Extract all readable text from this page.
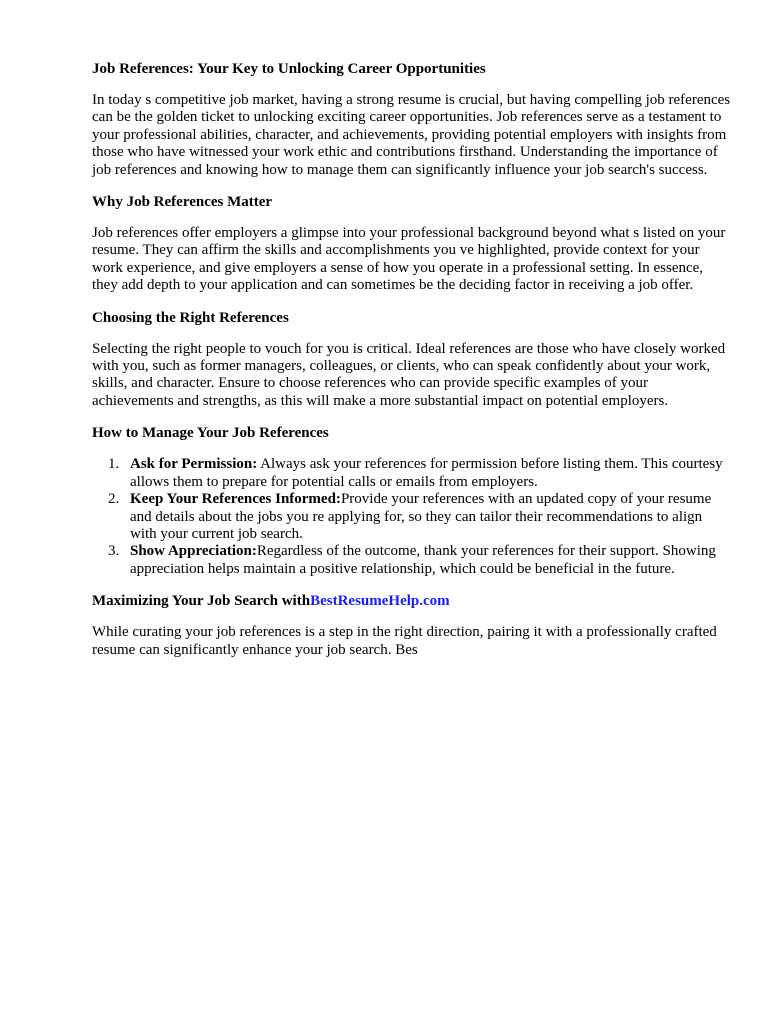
Job References: Your Key to Unlocking Career Opportunities
In today s competitive job market, having a strong resume is crucial, but having compelling job references can be the golden ticket to unlocking exciting career opportunities. Job references serve as a testament to your professional abilities, character, and achievements, providing potential employers with insights from those who have witnessed your work ethic and contributions firsthand. Understanding the importance of job references and knowing how to manage them can significantly influence your job search's success.
Why Job References Matter
Job references offer employers a glimpse into your professional background beyond what s listed on your resume. They can affirm the skills and accomplishments you ve highlighted, provide context for your work experience, and give employers a sense of how you operate in a professional setting. In essence, they add depth to your application and can sometimes be the deciding factor in receiving a job offer.
Choosing the Right References
Selecting the right people to vouch for you is critical. Ideal references are those who have closely worked with you, such as former managers, colleagues, or clients, who can speak confidently about your work, skills, and character. Ensure to choose references who can provide specific examples of your achievements and strengths, as this will make a more substantial impact on potential employers.
How to Manage Your Job References
1. Ask for Permission: Always ask your references for permission before listing them. This courtesy allows them to prepare for potential calls or emails from employers.
2. Keep Your References Informed:Provide your references with an updated copy of your resume and details about the jobs you re applying for, so they can tailor their recommendations to align with your current job search.
3. Show Appreciation:Regardless of the outcome, thank your references for their support. Showing appreciation helps maintain a positive relationship, which could be beneficial in the future.
Maximizing Your Job Search withBestResumeHelp.com
While curating your job references is a step in the right direction, pairing it with a professionally crafted resume can significantly enhance your job search. Bes
